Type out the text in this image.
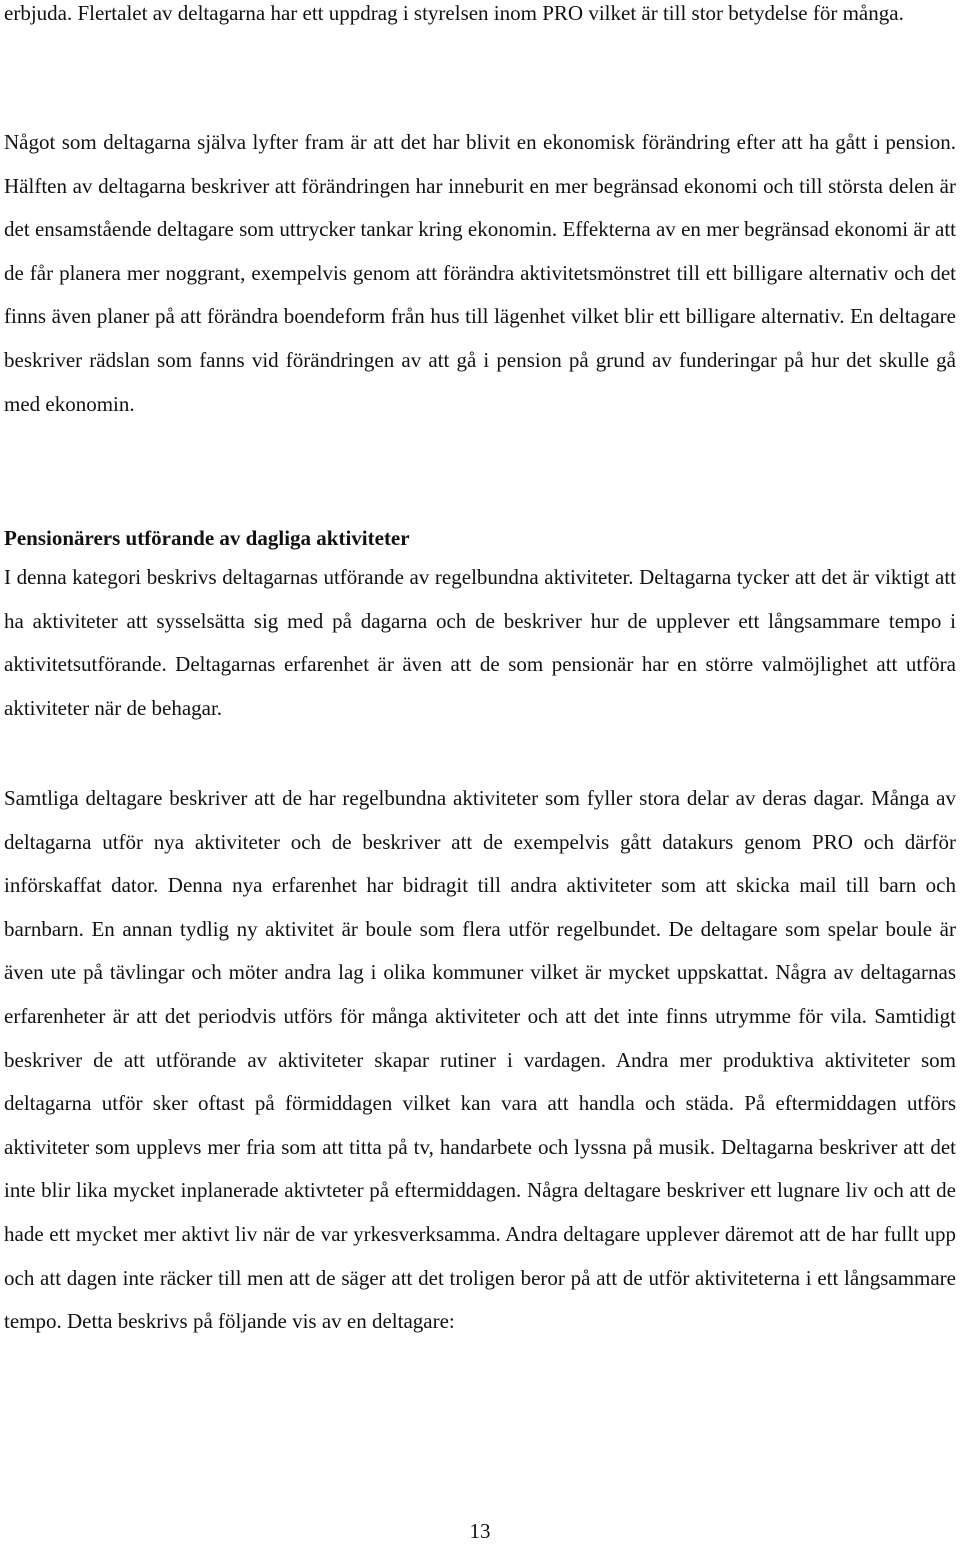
erbjuda. Flertalet av deltagarna har ett uppdrag i styrelsen inom PRO vilket är till stor betydelse för många.

Något som deltagarna själva lyfter fram är att det har blivit en ekonomisk förändring efter att ha gått i pension. Hälften av deltagarna beskriver att förändringen har inneburit en mer begränsad ekonomi och till största delen är det ensamstående deltagare som uttrycker tankar kring ekonomin. Effekterna av en mer begränsad ekonomi är att de får planera mer noggrant, exempelvis genom att förändra aktivitetsmönstret till ett billigare alternativ och det finns även planer på att förändra boendeform från hus till lägenhet vilket blir ett billigare alternativ. En deltagare beskriver rädslan som fanns vid förändringen av att gå i pension på grund av funderingar på hur det skulle gå med ekonomin.

Pensionärers utförande av dagliga aktiviteter

I denna kategori beskrivs deltagarnas utförande av regelbundna aktiviteter. Deltagarna tycker att det är viktigt att ha aktiviteter att sysselsätta sig med på dagarna och de beskriver hur de upplever ett långsammare tempo i aktivitetsutförande. Deltagarnas erfarenhet är även att de som pensionär har en större valmöjlighet att utföra aktiviteter när de behagar.

Samtliga deltagare beskriver att de har regelbundna aktiviteter som fyller stora delar av deras dagar. Många av deltagarna utför nya aktiviteter och de beskriver att de exempelvis gått datakurs genom PRO och därför införskaffat dator. Denna nya erfarenhet har bidragit till andra aktiviteter som att skicka mail till barn och barnbarn. En annan tydlig ny aktivitet är boule som flera utför regelbundet. De deltagare som spelar boule är även ute på tävlingar och möter andra lag i olika kommuner vilket är mycket uppskattat. Några av deltagarnas erfarenheter är att det periodvis utförs för många aktiviteter och att det inte finns utrymme för vila. Samtidigt beskriver de att utförande av aktiviteter skapar rutiner i vardagen. Andra mer produktiva aktiviteter som deltagarna utför sker oftast på förmiddagen vilket kan vara att handla och städa. På eftermiddagen utförs aktiviteter som upplevs mer fria som att titta på tv, handarbete och lyssna på musik. Deltagarna beskriver att det inte blir lika mycket inplanerade aktivteter på eftermiddagen. Några deltagare beskriver ett lugnare liv och att de hade ett mycket mer aktivt liv när de var yrkesverksamma. Andra deltagare upplever däremot att de har fullt upp och att dagen inte räcker till men att de säger att det troligen beror på att de utför aktiviteterna i ett långsammare tempo. Detta beskrivs på följande vis av en deltagare:

13
